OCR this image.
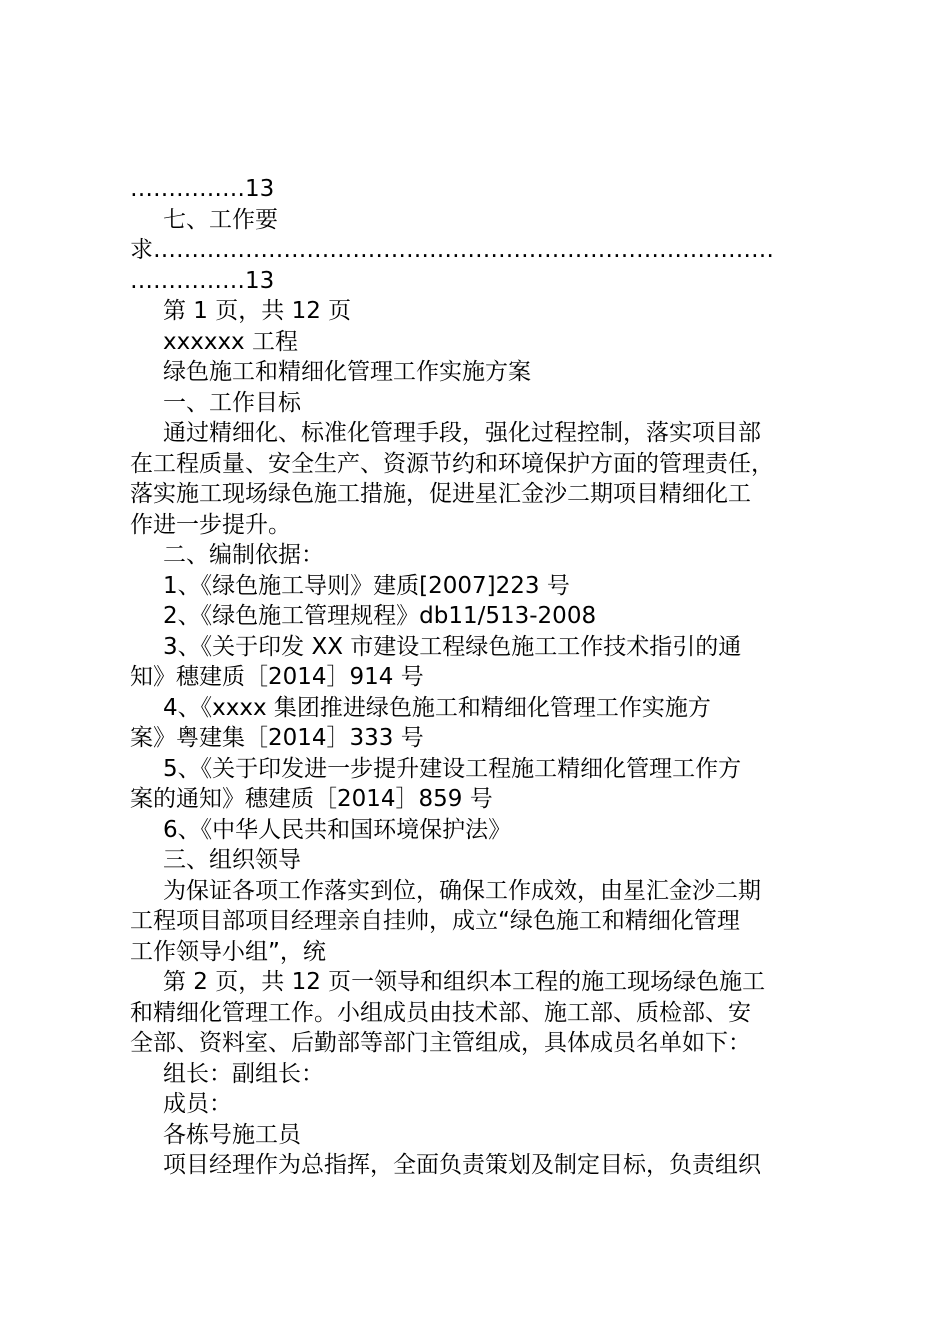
……………13
七、工作要
求………………………………………………………………………
……………13
第 1 页，共 12 页
xxxxxx 工程
绿色施工和精细化管理工作实施方案
一、工作目标
通过精细化、标准化管理手段，强化过程控制，落实项目部
在工程质量、安全生产、资源节约和环境保护方面的管理责任，
落实施工现场绿色施工措施，促进星汇金沙二期项目精细化工
作进一步提升。
二、编制依据：
1、《绿色施工导则》建质[2007]223 号
2、《绿色施工管理规程》db11/513-2008
3、《关于印发 XX 市建设工程绿色施工工作技术指引的通
知》穗建质［2014］914 号
4、《xxxx 集团推进绿色施工和精细化管理工作实施方
案》粤建集［2014］333 号
5、《关于印发进一步提升建设工程施工精细化管理工作方
案的通知》穗建质［2014］859 号
6、《中华人民共和国环境保护法》
三、组织领导
为保证各项工作落实到位，确保工作成效，由星汇金沙二期
工程项目部项目经理亲自挂帅，成立“绿色施工和精细化管理
工作领导小组”，统
第 2 页，共 12 页一领导和组织本工程的施工现场绿色施工
和精细化管理工作。小组成员由技术部、施工部、质检部、安
全部、资料室、后勤部等部门主管组成，具体成员名单如下：
组长：副组长：
成员：
各栋号施工员
项目经理作为总指挥，全面负责策划及制定目标，负责组织
